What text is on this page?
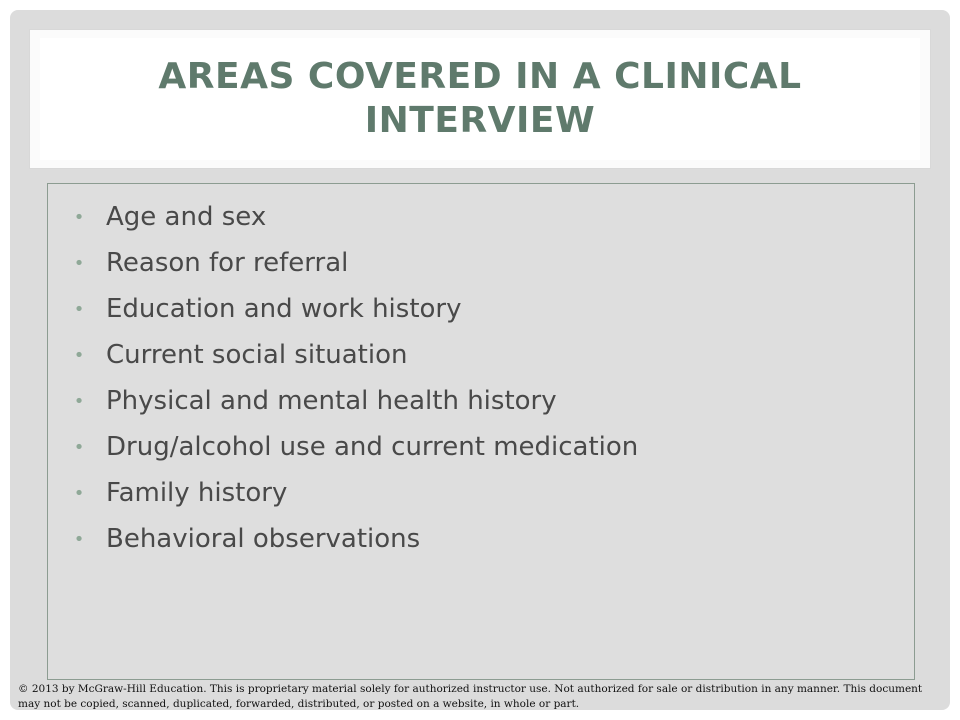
AREAS COVERED IN A CLINICAL INTERVIEW
• Age and sex
• Reason for referral
• Education and work history
• Current social situation
• Physical and mental health history
• Drug/alcohol use and current medication
• Family history
• Behavioral observations
© 2013 by McGraw-Hill Education. This is proprietary material solely for authorized instructor use. Not authorized for sale or distribution in any manner. This document may not be copied, scanned, duplicated, forwarded, distributed, or posted on a website, in whole or part.
